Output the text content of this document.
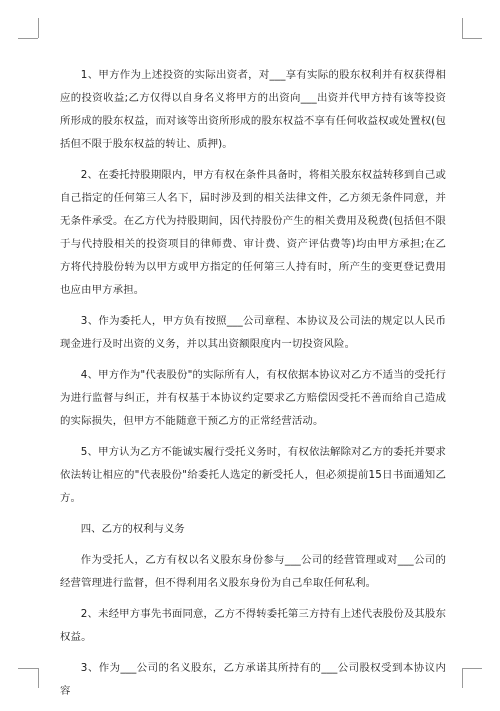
1、甲方作为上述投资的实际出资者，对___享有实际的股东权利并有权获得相应的投资收益;乙方仅得以自身名义将甲方的出资向___出资并代甲方持有该等投资所形成的股东权益，而对该等出资所形成的股东权益不享有任何收益权或处置权(包括但不限于股东权益的转让、质押)。

2、在委托持股期限内，甲方有权在条件具备时，将相关股东权益转移到自己或自己指定的任何第三人名下，届时涉及到的相关法律文件，乙方须无条件同意，并无条件承受。在乙方代为持股期间，因代持股份产生的相关费用及税费(包括但不限于与代持股相关的投资项目的律师费、审计费、资产评估费等)均由甲方承担;在乙方将代持股份转为以甲方或甲方指定的任何第三人持有时，所产生的变更登记费用也应由甲方承担。

3、作为委托人，甲方负有按照___公司章程、本协议及公司法的规定以人民币现金进行及时出资的义务，并以其出资额限度内一切投资风险。

4、甲方作为"代表股份"的实际所有人，有权依据本协议对乙方不适当的受托行为进行监督与纠正，并有权基于本协议约定要求乙方赔偿因受托不善而给自己造成的实际损失，但甲方不能随意干预乙方的正常经营活动。

5、甲方认为乙方不能诚实履行受托义务时，有权依法解除对乙方的委托并要求依法转让相应的"代表股份"给委托人选定的新受托人，但必须提前15日书面通知乙方。

四、乙方的权利与义务

作为受托人，乙方有权以名义股东身份参与___公司的经营管理或对___公司的经营管理进行监督，但不得利用名义股东身份为自己牟取任何私利。

2、未经甲方事先书面同意，乙方不得转委托第三方持有上述代表股份及其股东权益。

3、作为___公司的名义股东，乙方承诺其所持有的___公司股权受到本协议内容
